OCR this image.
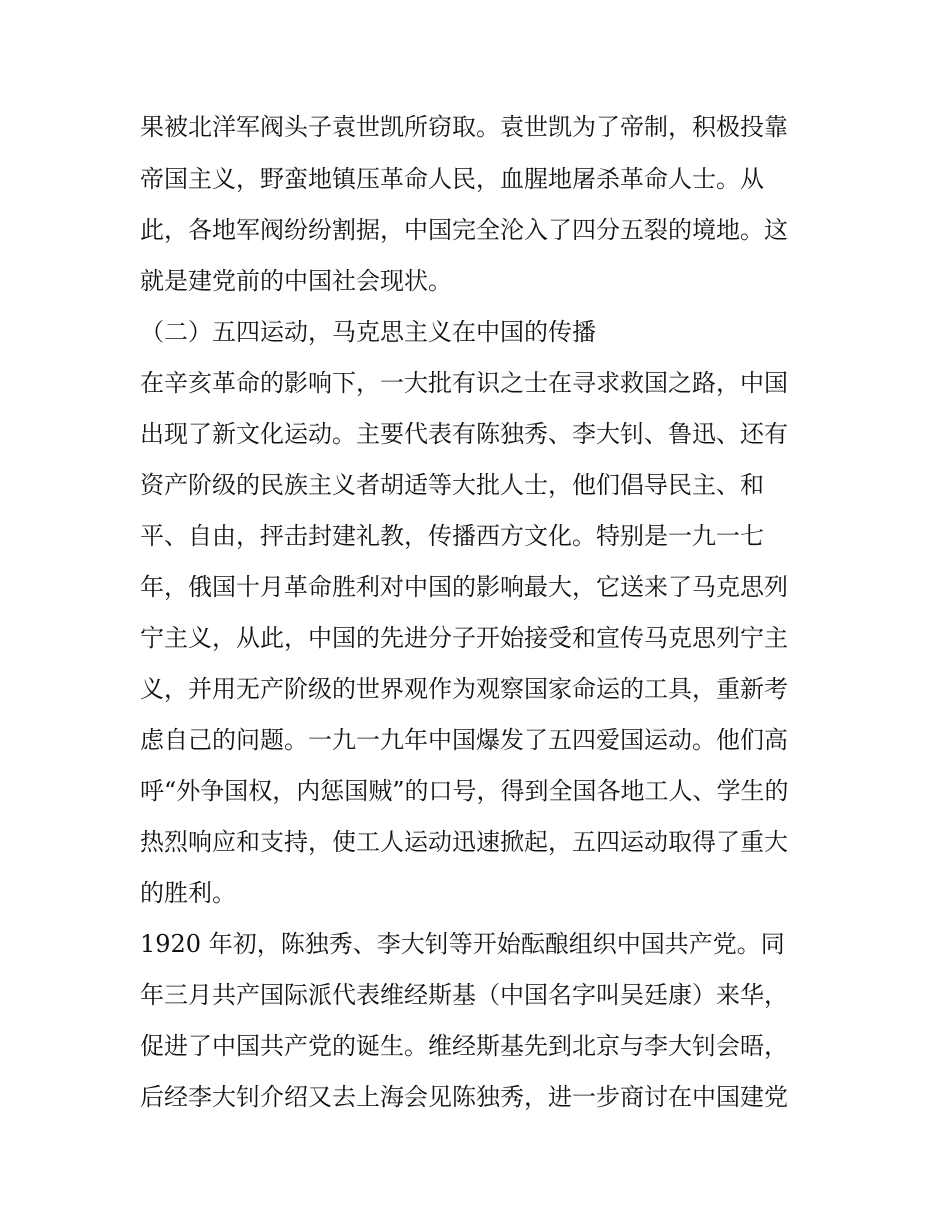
果被北洋军阀头子袁世凯所窃取。袁世凯为了帝制，积极投靠
帝国主义，野蛮地镇压革命人民，血腥地屠杀革命人士。从
此，各地军阀纷纷割据，中国完全沦入了四分五裂的境地。这
就是建党前的中国社会现状。
（二）五四运动，马克思主义在中国的传播
在辛亥革命的影响下，一大批有识之士在寻求救国之路，中国
出现了新文化运动。主要代表有陈独秀、李大钊、鲁迅、还有
资产阶级的民族主义者胡适等大批人士，他们倡导民主、和
平、自由，抨击封建礼教，传播西方文化。特别是一九一七
年，俄国十月革命胜利对中国的影响最大，它送来了马克思列
宁主义，从此，中国的先进分子开始接受和宣传马克思列宁主
义，并用无产阶级的世界观作为观察国家命运的工具，重新考
虑自己的问题。一九一九年中国爆发了五四爱国运动。他们高
呼“外争国权，内惩国贼”的口号，得到全国各地工人、学生的
热烈响应和支持，使工人运动迅速掀起，五四运动取得了重大
的胜利。
1920 年初，陈独秀、李大钊等开始酝酿组织中国共产党。同
年三月共产国际派代表维经斯基（中国名字叫吴廷康）来华，
促进了中国共产党的诞生。维经斯基先到北京与李大钊会晤，
后经李大钊介绍又去上海会见陈独秀，进一步商讨在中国建党
